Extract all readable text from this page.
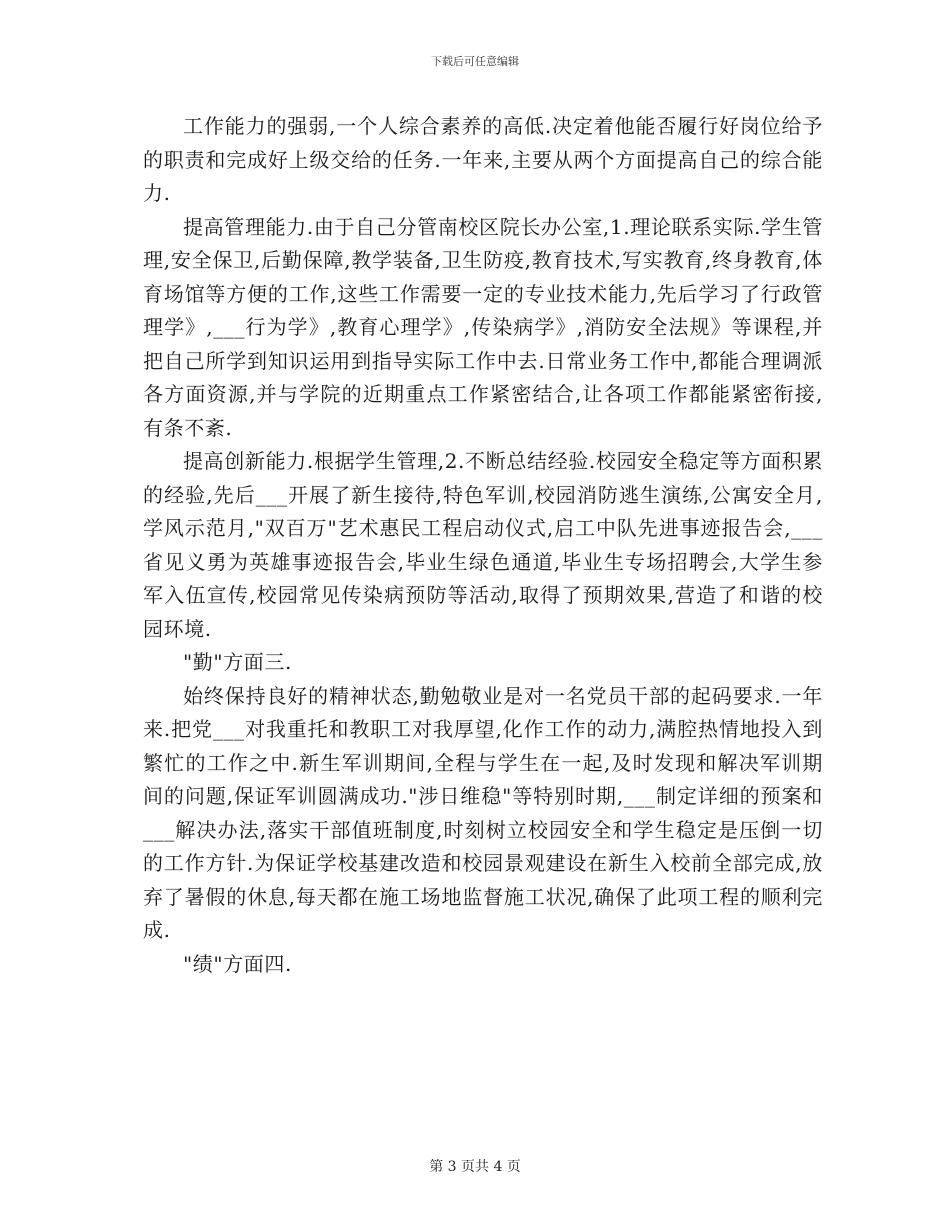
下载后可任意编辑

工作能力的强弱,一个人综合素养的高低.决定着他能否履行好岗位给予的职责和完成好上级交给的任务.一年来,主要从两个方面提高自己的综合能力.

提高管理能力.由于自己分管南校区院长办公室,1.理论联系实际.学生管理,安全保卫,后勤保障,教学装备,卫生防疫,教育技术,写实教育,终身教育,体育场馆等方便的工作,这些工作需要一定的专业技术能力,先后学习了行政管理学》,___行为学》,教育心理学》,传染病学》,消防安全法规》等课程,并把自己所学到知识运用到指导实际工作中去.日常业务工作中,都能合理调派各方面资源,并与学院的近期重点工作紧密结合,让各项工作都能紧密衔接,有条不紊.

提高创新能力.根据学生管理,2.不断总结经验.校园安全稳定等方面积累的经验,先后___开展了新生接待,特色军训,校园消防逃生演练,公寓安全月,学风示范月,"双百万"艺术惠民工程启动仪式,启工中队先进事迹报告会,___省见义勇为英雄事迹报告会,毕业生绿色通道,毕业生专场招聘会,大学生参军入伍宣传,校园常见传染病预防等活动,取得了预期效果,营造了和谐的校园环境.

"勤"方面三.

始终保持良好的精神状态,勤勉敬业是对一名党员干部的起码要求.一年来.把党___对我重托和教职工对我厚望,化作工作的动力,满腔热情地投入到繁忙的工作之中.新生军训期间,全程与学生在一起,及时发现和解决军训期间的问题,保证军训圆满成功."涉日维稳"等特别时期,___制定详细的预案和___解决办法,落实干部值班制度,时刻树立校园安全和学生稳定是压倒一切的工作方针.为保证学校基建改造和校园景观建设在新生入校前全部完成,放弃了暑假的休息,每天都在施工场地监督施工状况,确保了此项工程的顺利完成.

"绩"方面四.

第 3 页共 4 页
